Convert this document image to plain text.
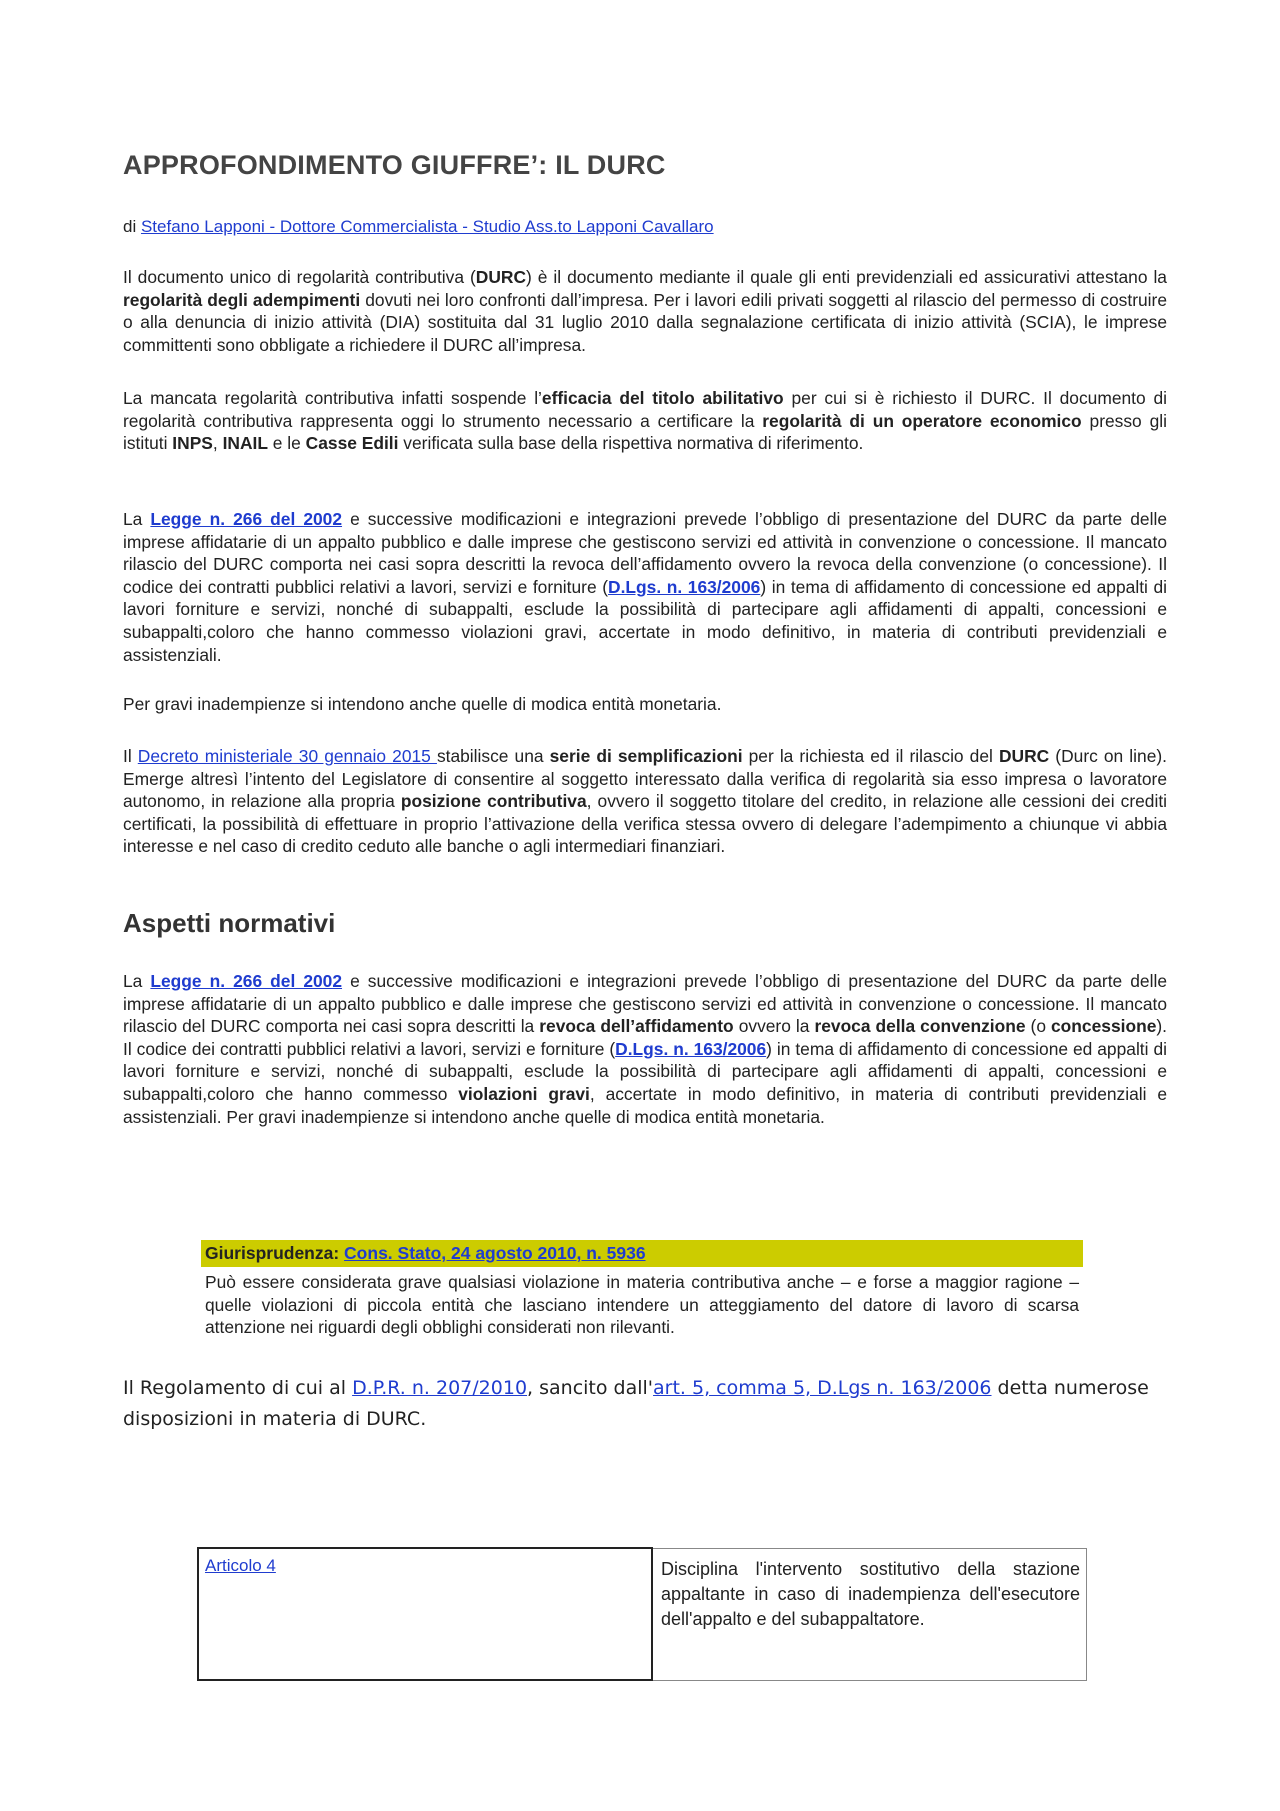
APPROFONDIMENTO GIUFFRE’: IL DURC
di Stefano Lapponi - Dottore Commercialista - Studio Ass.to Lapponi Cavallaro

Il documento unico di regolarità contributiva (DURC) è il documento mediante il quale gli enti previdenziali ed assicurativi attestano la regolarità degli adempimenti dovuti nei loro confronti dall’impresa. Per i lavori edili privati soggetti al rilascio del permesso di costruire o alla denuncia di inizio attività (DIA) sostituita dal 31 luglio 2010 dalla segnalazione certificata di inizio attività (SCIA), le imprese committenti sono obbligate a richiedere il DURC all’impresa.

La mancata regolarità contributiva infatti sospende l’efficacia del titolo abilitativo per cui si è richiesto il DURC. Il documento di regolarità contributiva rappresenta oggi lo strumento necessario a certificare la regolarità di un operatore economico presso gli istituti INPS, INAIL e le Casse Edili verificata sulla base della rispettiva normativa di riferimento.

La Legge n. 266 del 2002 e successive modificazioni e integrazioni prevede l’obbligo di presentazione del DURC da parte delle imprese affidatarie di un appalto pubblico e dalle imprese che gestiscono servizi ed attività in convenzione o concessione. Il mancato rilascio del DURC comporta nei casi sopra descritti la revoca dell’affidamento ovvero la revoca della convenzione (o concessione). Il codice dei contratti pubblici relativi a lavori, servizi e forniture (D.Lgs. n. 163/2006) in tema di affidamento di concessione ed appalti di lavori forniture e servizi, nonché di subappalti, esclude la possibilità di partecipare agli affidamenti di appalti, concessioni e subappalti,coloro che hanno commesso violazioni gravi, accertate in modo definitivo, in materia di contributi previdenziali e assistenziali.

Per gravi inadempienze si intendono anche quelle di modica entità monetaria.

Il Decreto ministeriale 30 gennaio 2015 stabilisce una serie di semplificazioni per la richiesta ed il rilascio del DURC (Durc on line). Emerge altresì l’intento del Legislatore di consentire al soggetto interessato dalla verifica di regolarità sia esso impresa o lavoratore autonomo, in relazione alla propria posizione contributiva, ovvero il soggetto titolare del credito, in relazione alle cessioni dei crediti certificati, la possibilità di effettuare in proprio l’attivazione della verifica stessa ovvero di delegare l’adempimento a chiunque vi abbia interesse e nel caso di credito ceduto alle banche o agli intermediari finanziari.

Aspetti normativi

La Legge n. 266 del 2002 e successive modificazioni e integrazioni prevede l’obbligo di presentazione del DURC da parte delle imprese affidatarie di un appalto pubblico e dalle imprese che gestiscono servizi ed attività in convenzione o concessione. Il mancato rilascio del DURC comporta nei casi sopra descritti la revoca dell’affidamento ovvero la revoca della convenzione (o concessione). Il codice dei contratti pubblici relativi a lavori, servizi e forniture (D.Lgs. n. 163/2006) in tema di affidamento di concessione ed appalti di lavori forniture e servizi, nonché di subappalti, esclude la possibilità di partecipare agli affidamenti di appalti, concessioni e subappalti,coloro che hanno commesso violazioni gravi, accertate in modo definitivo, in materia di contributi previdenziali e assistenziali. Per gravi inadempienze si intendono anche quelle di modica entità monetaria.

Giurisprudenza: Cons. Stato, 24 agosto 2010, n. 5936
Può essere considerata grave qualsiasi violazione in materia contributiva anche – e forse a maggior ragione – quelle violazioni di piccola entità che lasciano intendere un atteggiamento del datore di lavoro di scarsa attenzione nei riguardi degli obblighi considerati non rilevanti.
Il Regolamento di cui al D.P.R. n. 207/2010, sancito dall'art. 5, comma 5, D.Lgs n. 163/2006 detta numerose disposizioni in materia di DURC.
Articolo 4	Disciplina l'intervento sostitutivo della stazione appaltante in caso di inadempienza dell'esecutore dell'appalto e del subappaltatore.
